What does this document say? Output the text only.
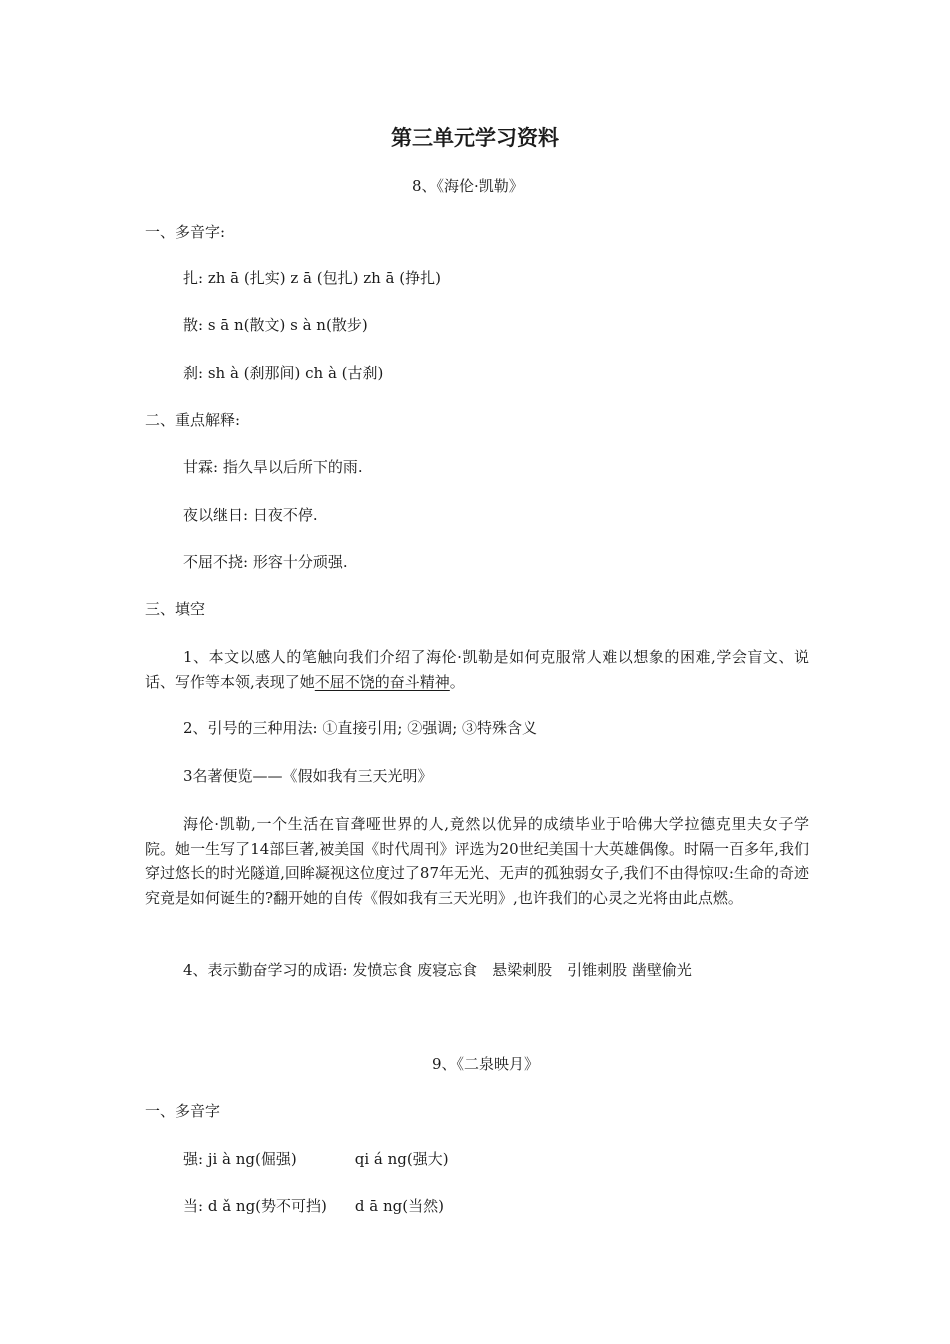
第三单元学习资料

8、《海伦·凯勒》

一、多音字:

扎: zh ā (扎实) z ā (包扎) zh ā (挣扎)

散: s ā n(散文) s à n(散步)

刹: sh à (刹那间) ch à (古刹)

二、重点解释:

甘霖: 指久旱以后所下的雨.

夜以继日: 日夜不停.

不屈不挠: 形容十分顽强.

三、填空

1、本文以感人的笔触向我们介绍了海伦·凯勒是如何克服常人难以想象的困难,学会盲文、说话、写作等本领,表现了她不屈不饶的奋斗精神。

2、引号的三种用法: ①直接引用; ②强调; ③特殊含义

3名著便览——《假如我有三天光明》

海伦·凯勒,一个生活在盲聋哑世界的人,竟然以优异的成绩毕业于哈佛大学拉德克里夫女子学院。她一生写了14部巨著,被美国《时代周刊》评选为20世纪美国十大英雄偶像。时隔一百多年,我们穿过悠长的时光隧道,回眸凝视这位度过了87年无光、无声的孤独弱女子,我们不由得惊叹:生命的奇迹究竟是如何诞生的?翻开她的自传《假如我有三天光明》,也许我们的心灵之光将由此点燃。

4、表示勤奋学习的成语: 发愤忘食 废寝忘食　悬梁刺股　引锥刺股 凿壁偷光

9、《二泉映月》

一、多音字

强: ji à ng(倔强)	qi á ng(强大)

当: d ǎ ng(势不可挡) d ā ng(当然)
